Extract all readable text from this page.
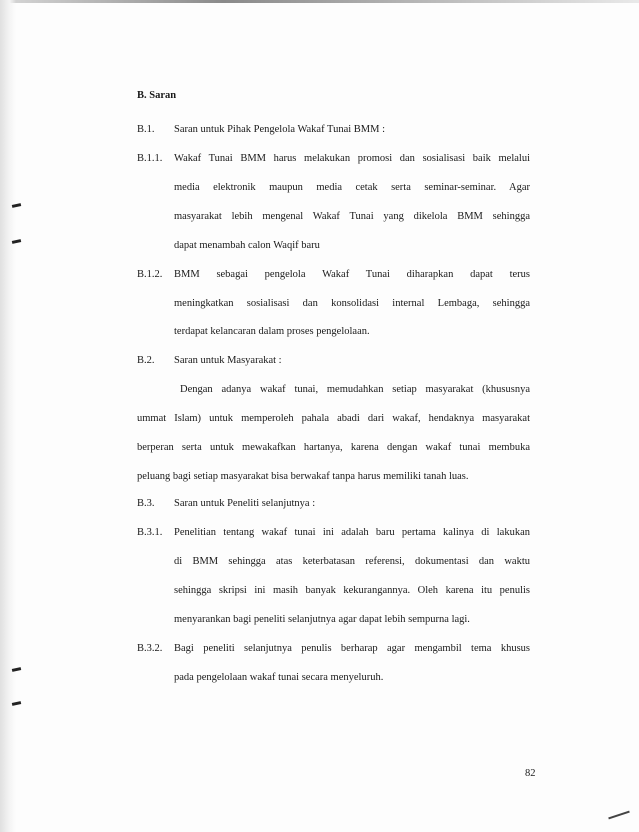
B. Saran
B.1. Saran untuk Pihak Pengelola Wakaf Tunai BMM :
B.1.1. Wakaf Tunai BMM harus melakukan promosi dan sosialisasi baik melalui
media elektronik maupun media cetak serta seminar-seminar. Agar
masyarakat lebih mengenal Wakaf Tunai yang dikelola BMM sehingga
dapat menambah calon Waqif baru
B.1.2. BMM sebagai pengelola Wakaf Tunai diharapkan dapat terus
meningkatkan sosialisasi dan konsolidasi internal Lembaga, sehingga
terdapat kelancaran dalam proses pengelolaan.
B.2. Saran untuk Masyarakat :
Dengan adanya wakaf tunai, memudahkan setiap masyarakat (khususnya
ummat Islam) untuk memperoleh pahala abadi dari wakaf, hendaknya masyarakat
berperan serta untuk mewakafkan hartanya, karena dengan wakaf tunai membuka
peluang bagi setiap masyarakat bisa berwakaf tanpa harus memiliki tanah luas.
B.3. Saran untuk Peneliti selanjutnya :
B.3.1. Penelitian tentang wakaf tunai ini adalah baru pertama kalinya di lakukan
di BMM sehingga atas keterbatasan referensi, dokumentasi dan waktu
sehingga skripsi ini masih banyak kekurangannya. Oleh karena itu penulis
menyarankan bagi peneliti selanjutnya agar dapat lebih sempurna lagi.
B.3.2. Bagi peneliti selanjutnya penulis berharap agar mengambil tema khusus
pada pengelolaan wakaf tunai secara menyeluruh.
82
